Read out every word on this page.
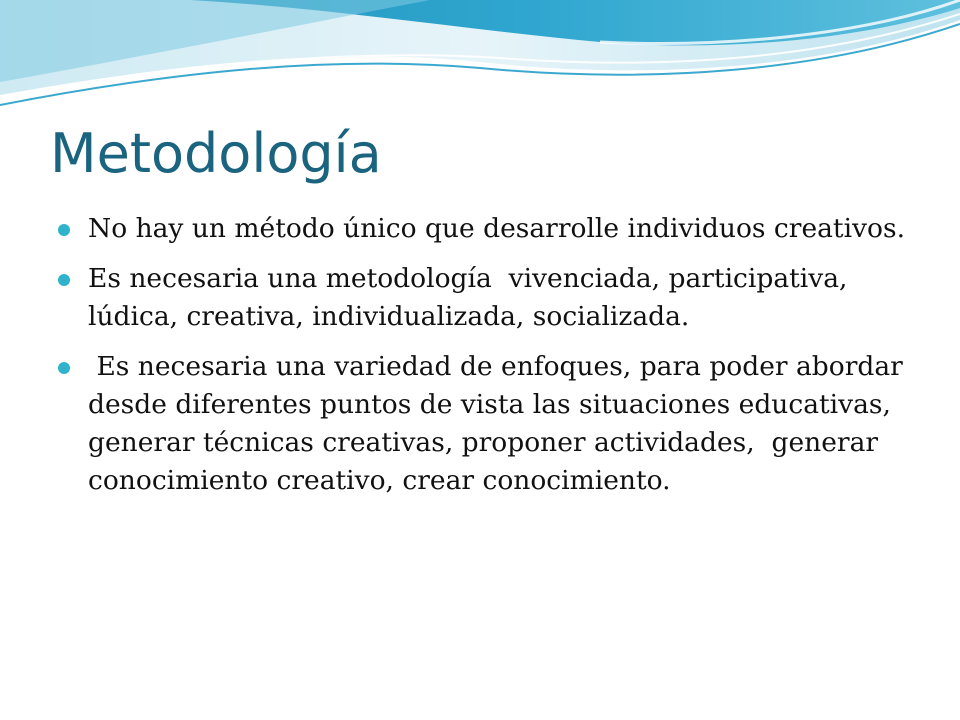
Metodología
No hay un método único que desarrolle individuos creativos.
Es necesaria una metodología  vivenciada, participativa, lúdica, creativa, individualizada, socializada.
Es necesaria una variedad de enfoques, para poder abordar desde diferentes puntos de vista las situaciones educativas, generar técnicas creativas, proponer actividades,  generar conocimiento creativo, crear conocimiento.
